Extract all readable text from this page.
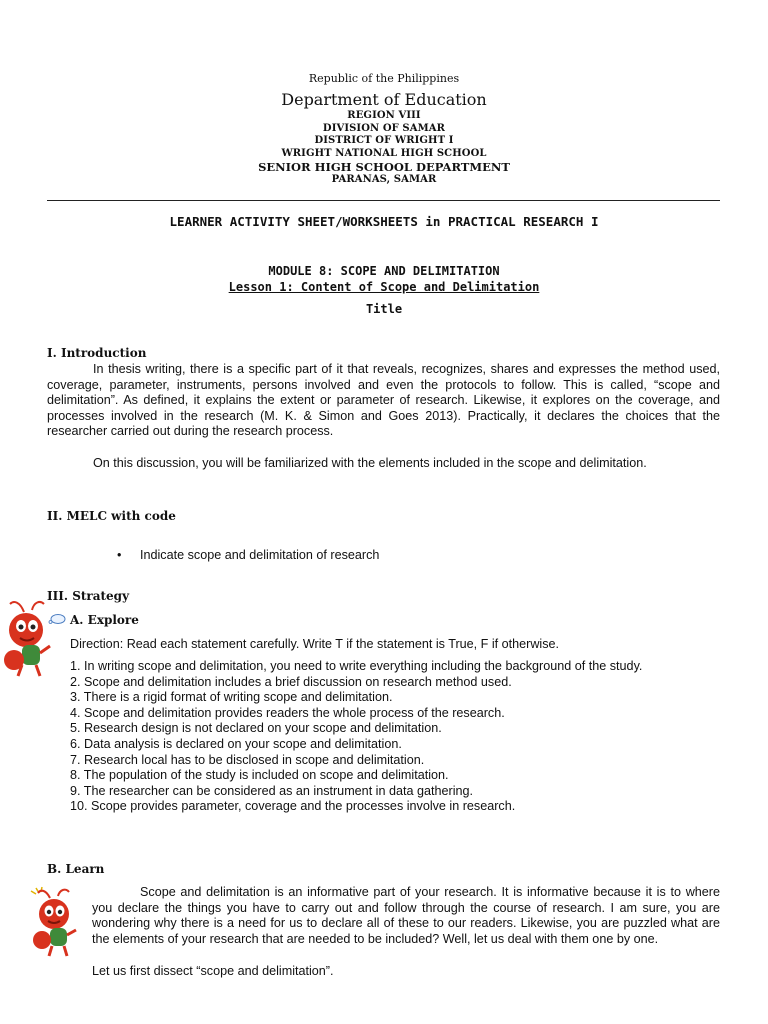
Republic of the Philippines
Department of Education
REGION VIII
DIVISION OF SAMAR
DISTRICT OF WRIGHT I
WRIGHT NATIONAL HIGH SCHOOL
SENIOR HIGH SCHOOL DEPARTMENT
PARANAS, SAMAR
LEARNER ACTIVITY SHEET/WORKSHEETS in PRACTICAL RESEARCH I
MODULE 8: SCOPE AND DELIMITATION
Lesson 1: Content of Scope and Delimitation
Title
I. Introduction
In thesis writing, there is a specific part of it that reveals, recognizes, shares and expresses the method used, coverage, parameter, instruments, persons involved and even the protocols to follow. This is called, “scope and delimitation”. As defined, it explains the extent or parameter of research. Likewise, it explores on the coverage, and processes involved in the research (M. K. & Simon and Goes 2013). Practically, it declares the choices that the researcher carried out during the research process.
On this discussion, you will be familiarized with the elements included in the scope and delimitation.
II. MELC with code
• Indicate scope and delimitation of research
III. Strategy
A. Explore
Direction: Read each statement carefully. Write T if the statement is True, F if otherwise.
1. In writing scope and delimitation, you need to write everything including the background of the study.
2. Scope and delimitation includes a brief discussion on research method used.
3. There is a rigid format of writing scope and delimitation.
4. Scope and delimitation provides readers the whole process of the research.
5. Research design is not declared on your scope and delimitation.
6. Data analysis is declared on your scope and delimitation.
7. Research local has to be disclosed in scope and delimitation.
8. The population of the study is included on scope and delimitation.
9. The researcher can be considered as an instrument in data gathering.
10. Scope provides parameter, coverage and the processes involve in research.
B. Learn
Scope and delimitation is an informative part of your research. It is informative because it is to where you declare the things you have to carry out and follow through the course of research. I am sure, you are wondering why there is a need for us to declare all of these to our readers. Likewise, you are puzzled what are the elements of your research that are needed to be included? Well, let us deal with them one by one.
Let us first dissect “scope and delimitation”.
